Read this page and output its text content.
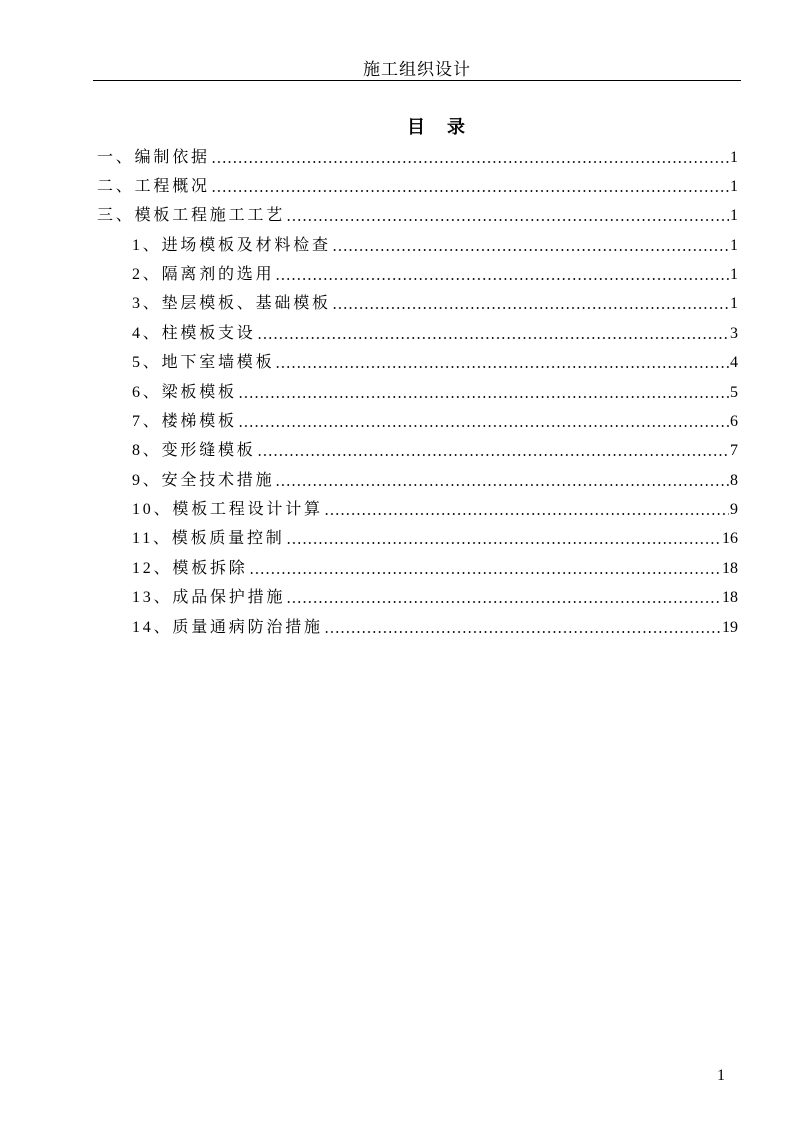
施工组织设计
目　录
一、编制依据	1
二、工程概况	1
三、模板工程施工工艺	1
1、进场模板及材料检查	1
2、隔离剂的选用	1
3、垫层模板、基础模板	1
4、柱模板支设	3
5、地下室墙模板	4
6、梁板模板	5
7、楼梯模板	6
8、变形缝模板	7
9、安全技术措施	8
10、模板工程设计计算	9
11、模板质量控制	16
12、模板拆除	18
13、成品保护措施	18
14、质量通病防治措施	19
1
